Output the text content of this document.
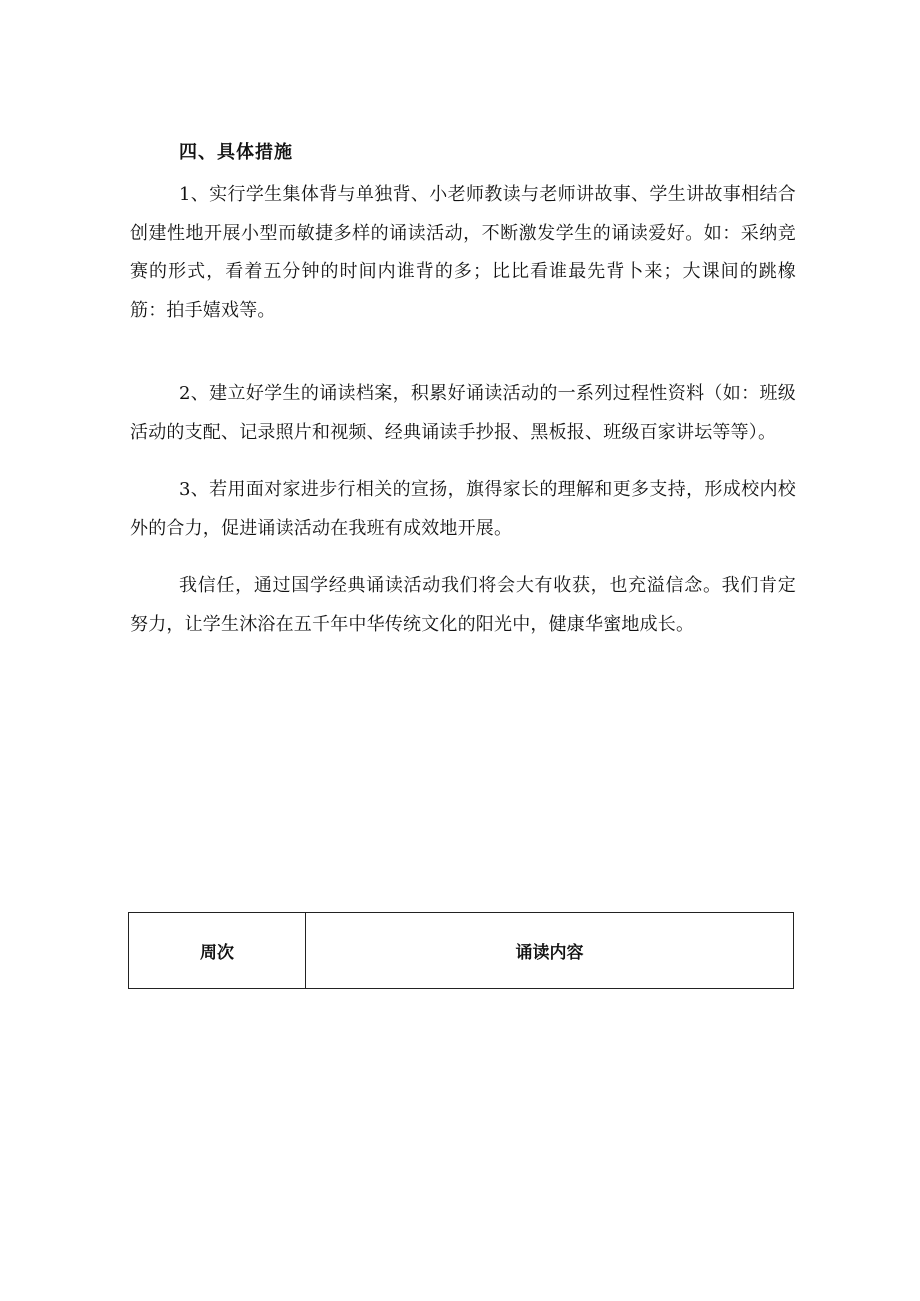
四、具体措施

1、实行学生集体背与单独背、小老师教读与老师讲故事、学生讲故事相结合创建性地开展小型而敏捷多样的诵读活动，不断激发学生的诵读爱好。如：采纳竞赛的形式，看着五分钟的时间内谁背的多；比比看谁最先背卜来；大课间的跳橡筋：拍手嬉戏等。

2、建立好学生的诵读档案，积累好诵读活动的一系列过程性资料（如：班级活动的支配、记录照片和视频、经典诵读手抄报、黑板报、班级百家讲坛等等）。

3、若用面对家进步行相关的宣扬，旗得家长的理解和更多支持，形成校内校外的合力，促进诵读活动在我班有成效地开展。

我信任，通过国学经典诵读活动我们将会大有收获，也充溢信念。我们肯定努力，让学生沐浴在五千年中华传统文化的阳光中，健康华蜜地成长。

周次	诵读内容
